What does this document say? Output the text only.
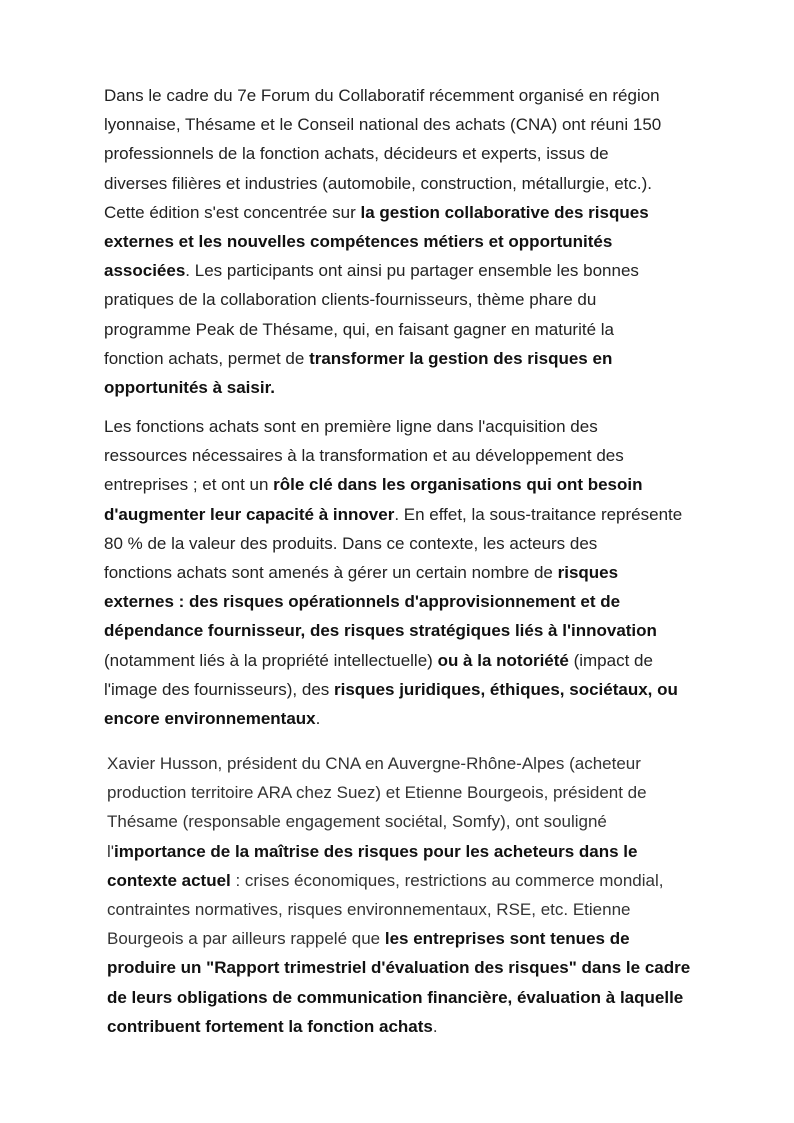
Dans le cadre du 7e Forum du Collaboratif récemment organisé en région
lyonnaise, Thésame et le Conseil national des achats (CNA) ont réuni 150
professionnels de la fonction achats, décideurs et experts, issus de
diverses filières et industries (automobile, construction, métallurgie, etc.).
Cette édition s'est concentrée sur la gestion collaborative des risques
externes et les nouvelles compétences métiers et opportunités
associées. Les participants ont ainsi pu partager ensemble les bonnes
pratiques de la collaboration clients-fournisseurs, thème phare du
programme Peak de Thésame, qui, en faisant gagner en maturité la
fonction achats, permet de transformer la gestion des risques en
opportunités à saisir.

Les fonctions achats sont en première ligne dans l'acquisition des
ressources nécessaires à la transformation et au développement des
entreprises ; et ont un rôle clé dans les organisations qui ont besoin
d'augmenter leur capacité à innover. En effet, la sous-traitance représente
80 % de la valeur des produits. Dans ce contexte, les acteurs des
fonctions achats sont amenés à gérer un certain nombre de risques
externes : des risques opérationnels d'approvisionnement et de
dépendance fournisseur, des risques stratégiques liés à l'innovation
(notamment liés à la propriété intellectuelle) ou à la notoriété (impact de
l'image des fournisseurs), des risques juridiques, éthiques, sociétaux, ou
encore environnementaux.

Xavier Husson, président du CNA en Auvergne-Rhône-Alpes (acheteur
production territoire ARA chez Suez) et Etienne Bourgeois, président de
Thésame (responsable engagement sociétal, Somfy), ont souligné
l'importance de la maîtrise des risques pour les acheteurs dans le
contexte actuel : crises économiques, restrictions au commerce mondial,
contraintes normatives, risques environnementaux, RSE, etc. Etienne
Bourgeois a par ailleurs rappelé que les entreprises sont tenues de
produire un "Rapport trimestriel d'évaluation des risques" dans le cadre
de leurs obligations de communication financière, évaluation à laquelle
contribuent fortement la fonction achats.
